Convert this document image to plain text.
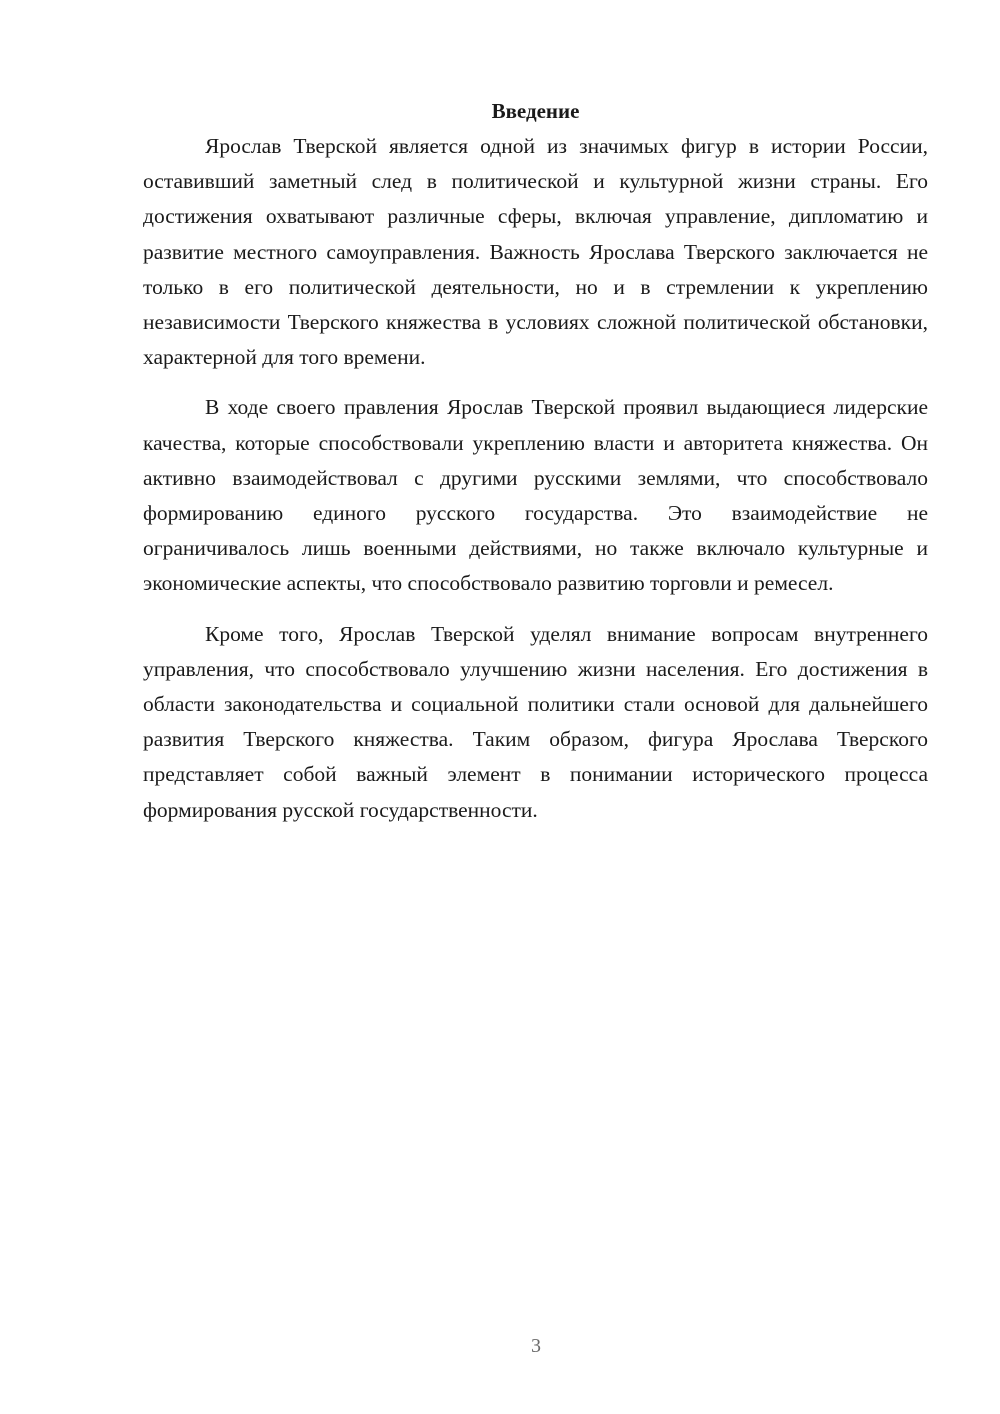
Введение

Ярослав Тверской является одной из значимых фигур в истории России, оставивший заметный след в политической и культурной жизни страны. Его достижения охватывают различные сферы, включая управление, дипломатию и развитие местного самоуправления. Важность Ярослава Тверского заключается не только в его политической деятельности, но и в стремлении к укреплению независимости Тверского княжества в условиях сложной политической обстановки, характерной для того времени.

В ходе своего правления Ярослав Тверской проявил выдающиеся лидерские качества, которые способствовали укреплению власти и авторитета княжества. Он активно взаимодействовал с другими русскими землями, что способствовало формированию единого русского государства. Это взаимодействие не ограничивалось лишь военными действиями, но также включало культурные и экономические аспекты, что способствовало развитию торговли и ремесел.

Кроме того, Ярослав Тверской уделял внимание вопросам внутреннего управления, что способствовало улучшению жизни населения. Его достижения в области законодательства и социальной политики стали основой для дальнейшего развития Тверского княжества. Таким образом, фигура Ярослава Тверского представляет собой важный элемент в понимании исторического процесса формирования русской государственности.

3
